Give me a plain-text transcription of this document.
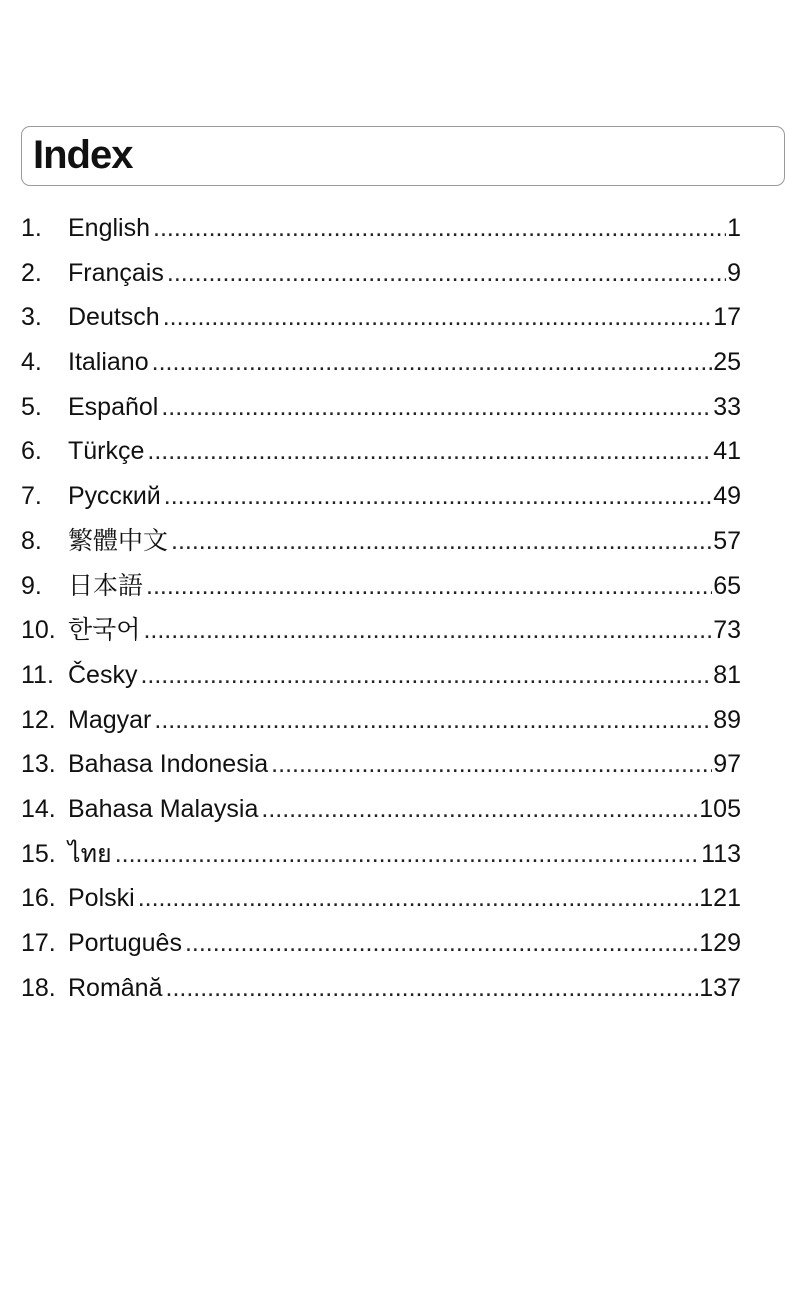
Index
1.	English .....	1
2.	Français .....	9
3.	Deutsch .....	17
4.	Italiano .....	25
5.	Español .....	33
6.	Türkçe .....	41
7.	Русский .....	49
8.	繁體中文 .....	57
9.	日本語 .....	65
10. 한국어 .....	73
11. Česky .....	81
12. Magyar .....	89
13. Bahasa Indonesia .....	97
14. Bahasa Malaysia .....	105
15. ไทย .....	113
16. Polski .....	121
17. Português .....	129
18. Română .....	137
